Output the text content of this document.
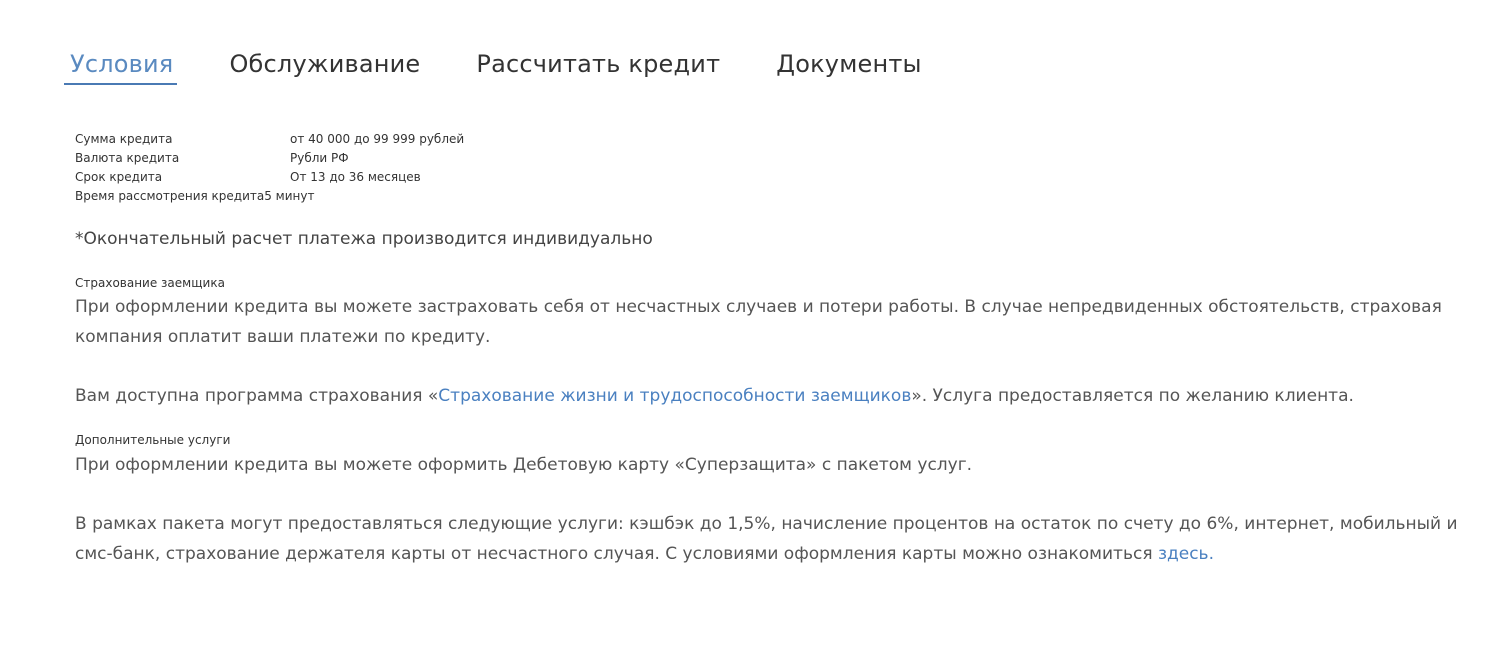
Условия Обслуживание Рассчитать кредит Документы
Сумма кредита	от 40 000 до 99 999 рублей
Валюта кредита	Рубли РФ
Срок кредита	От 13 до 36 месяцев
Время рассмотрения кредита 5 минут
*Окончательный расчет платежа производится индивидуально
Страхование заемщика
При оформлении кредита вы можете застраховать себя от несчастных случаев и потери работы. В случае непредвиденных обстоятельств, страховая компания оплатит ваши платежи по кредиту.
Вам доступна программа страхования «Страхование жизни и трудоспособности заемщиков». Услуга предоставляется по желанию клиента.
Дополнительные услуги
При оформлении кредита вы можете оформить Дебетовую карту «Суперзащита» с пакетом услуг.
В рамках пакета могут предоставляться следующие услуги: кэшбэк до 1,5%, начисление процентов на остаток по счету до 6%, интернет, мобильный и смс-банк, страхование держателя карты от несчастного случая. С условиями оформления карты можно ознакомиться здесь.
